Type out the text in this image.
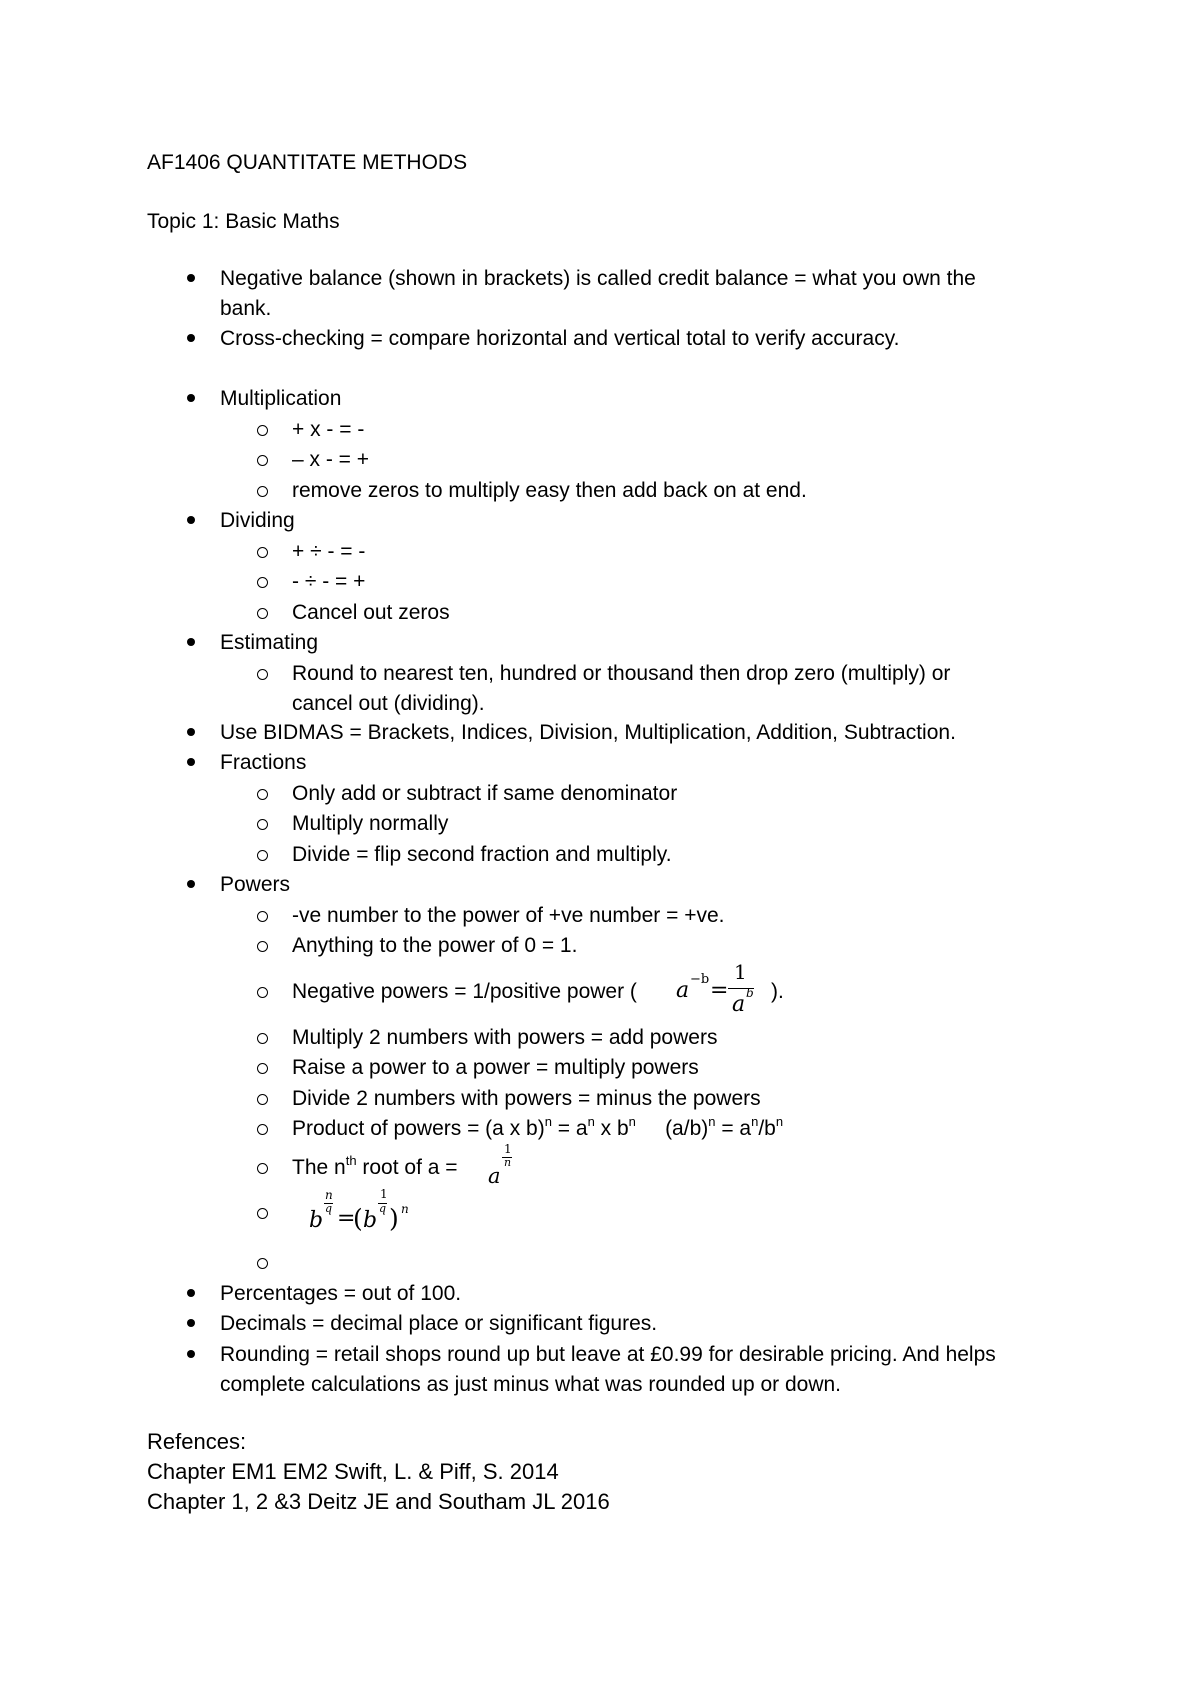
AF1406 QUANTITATE METHODS
Topic 1: Basic Maths
Negative balance (shown in brackets) is called credit balance = what you own the
bank.
Cross-checking = compare horizontal and vertical total to verify accuracy.
Multiplication
+ x - = -
– x - = +
remove zeros to multiply easy then add back on at end.
Dividing
+ ÷ - = -
- ÷ - = +
Cancel out zeros
Estimating
Round to nearest ten, hundred or thousand then drop zero (multiply) or
cancel out (dividing).
Use BIDMAS = Brackets, Indices, Division, Multiplication, Addition, Subtraction.
Fractions
Only add or subtract if same denominator
Multiply normally
Divide = flip second fraction and multiply.
Powers
-ve number to the power of +ve number = +ve.
Anything to the power of 0 = 1.
Negative powers = 1/positive power ( a −b =
1
a b ).
Multiply 2 numbers with powers = add powers
Raise a power to a power = multiply powers
Divide 2 numbers with powers = minus the powers
Product of powers = (a x $b)^n = a^n$ x $b^n$     $(a/b)^n = a^n/b^n$
The $n^{th}$ root of a = a
1
n
b
n
q =
( b
1
q ) n
Percentages = out of 100.
Decimals = decimal place or significant figures.
Rounding = retail shops round up but leave at £0.99 for desirable pricing. And helps
complete calculations as just minus what was rounded up or down.
Refences:
Chapter EM1 EM2 Swift, L. & Piff, S. 2014
Chapter 1, 2 &3 Deitz JE and Southam JL 2016
